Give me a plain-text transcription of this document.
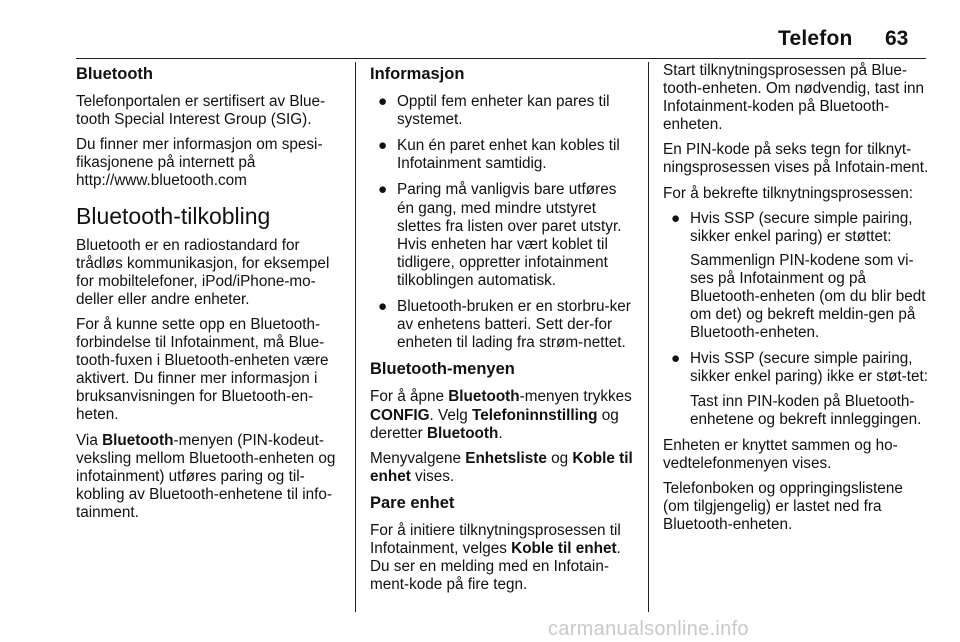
Telefon 63
Bluetooth

Telefonportalen er sertifisert av Blue-tooth Special Interest Group (SIG).

Du finner mer informasjon om spesi-fikasjonene på internett på http://www.bluetooth.com

Bluetooth-tilkobling

Bluetooth er en radiostandard for trådløs kommunikasjon, for eksempel for mobiltelefoner, iPod/iPhone-mo-deller eller andre enheter.

For å kunne sette opp en Bluetooth-forbindelse til Infotainment, må Blue-tooth-fuxen i Bluetooth-enheten være aktivert. Du finner mer informasjon i bruksanvisningen for Bluetooth-en-heten.

Via Bluetooth-menyen (PIN-kodeut-veksling mellom Bluetooth-enheten og infotainment) utføres paring og til-kobling av Bluetooth-enhetene til info-tainment.

Informasjon
● Opptil fem enheter kan pares til systemet.
● Kun én paret enhet kan kobles til Infotainment samtidig.
● Paring må vanligvis bare utføres én gang, med mindre utstyret slettes fra listen over paret utstyr. Hvis enheten har vært koblet til tidligere, oppretter infotainment tilkoblingen automatisk.
● Bluetooth-bruken er en storbru-ker av enhetens batteri. Sett der-for enheten til lading fra strøm-nettet.
Bluetooth-menyen

For å åpne Bluetooth-menyen trykkes CONFIG. Velg Telefoninnstilling og deretter Bluetooth.

Menyvalgene Enhetsliste og Koble til enhet vises.

Pare enhet

For å initiere tilknytningsprosessen til Infotainment, velges Koble til enhet. Du ser en melding med en Infotain-ment-kode på fire tegn.

Start tilknytningsprosessen på Blue-tooth-enheten. Om nødvendig, tast inn Infotainment-koden på Bluetooth-enheten.

En PIN-kode på seks tegn for tilknyt-ningsprosessen vises på Infotain-ment.

For å bekrefte tilknytningsprosessen:

● Hvis SSP (secure simple pairing, sikker enkel paring) er støttet:

Sammenlign PIN-kodene som vi-ses på Infotainment og på Bluetooth-enheten (om du blir bedt om det) og bekreft meldin-gen på Bluetooth-enheten.

● Hvis SSP (secure simple pairing, sikker enkel paring) ikke er støt-tet:

Tast inn PIN-koden på Bluetooth-enhetene og bekreft innleggingen.

Enheten er knyttet sammen og ho-vedtelefonmenyen vises.

Telefonboken og oppringingslistene (om tilgjengelig) er lastet ned fra Bluetooth-enheten.

carmanualsonline.info
